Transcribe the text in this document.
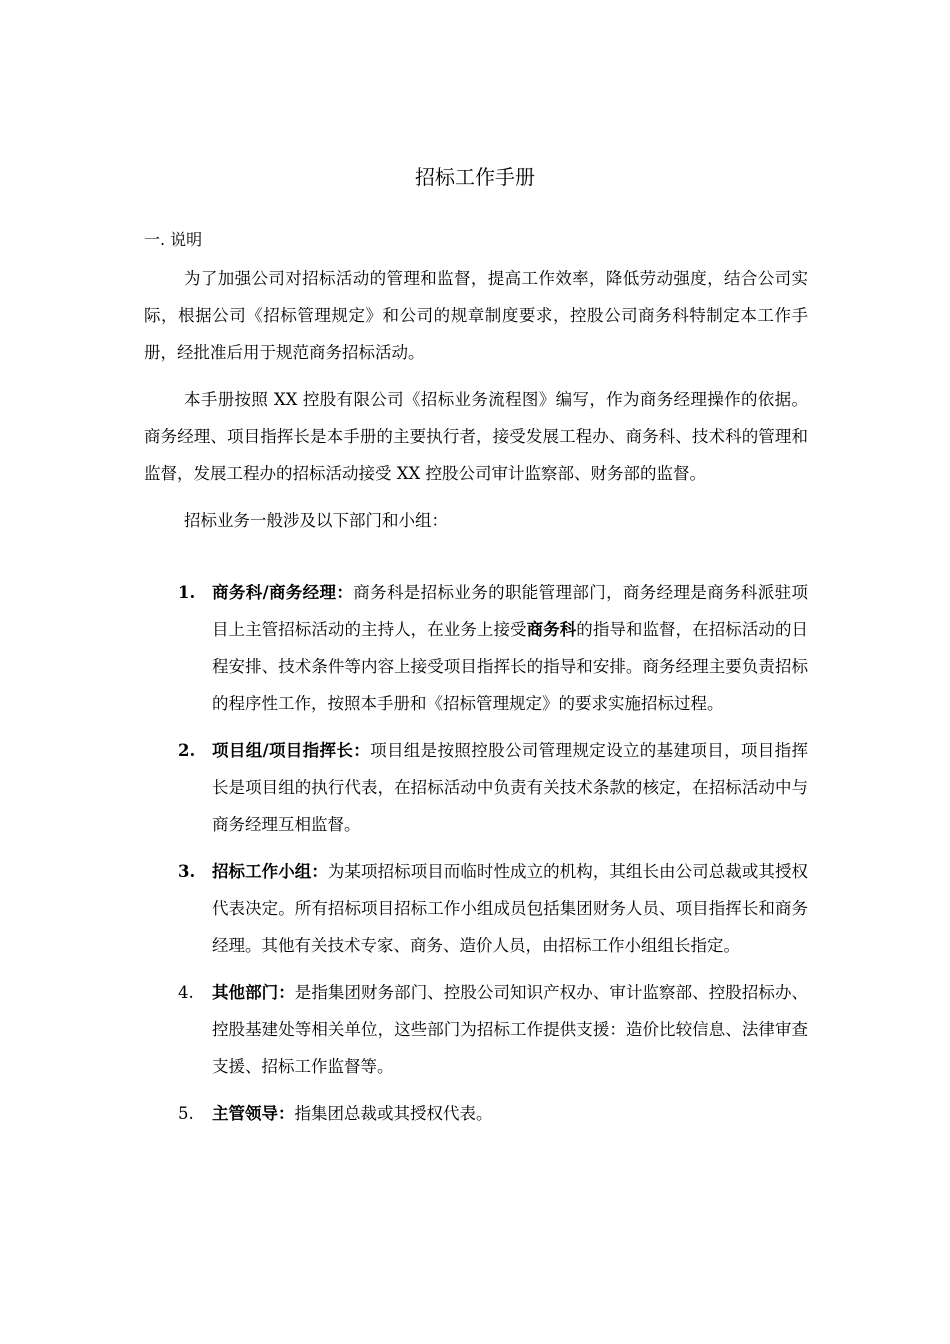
招标工作手册
一. 说明

为了加强公司对招标活动的管理和监督，提高工作效率，降低劳动强度，结合公司实际，根据公司《招标管理规定》和公司的规章制度要求，控股公司商务科特制定本工作手册，经批准后用于规范商务招标活动。

本手册按照 XX 控股有限公司《招标业务流程图》编写，作为商务经理操作的依据。商务经理、项目指挥长是本手册的主要执行者，接受发展工程办、商务科、技术科的管理和监督，发展工程办的招标活动接受 XX 控股公司审计监察部、财务部的监督。

招标业务一般涉及以下部门和小组：

1. 商务科/商务经理：商务科是招标业务的职能管理部门，商务经理是商务科派驻项目上主管招标活动的主持人，在业务上接受商务科的指导和监督，在招标活动的日程安排、技术条件等内容上接受项目指挥长的指导和安排。商务经理主要负责招标的程序性工作，按照本手册和《招标管理规定》的要求实施招标过程。
2. 项目组/项目指挥长：项目组是按照控股公司管理规定设立的基建项目，项目指挥长是项目组的执行代表，在招标活动中负责有关技术条款的核定，在招标活动中与商务经理互相监督。
3. 招标工作小组：为某项招标项目而临时性成立的机构，其组长由公司总裁或其授权代表决定。所有招标项目招标工作小组成员包括集团财务人员、项目指挥长和商务经理。其他有关技术专家、商务、造价人员，由招标工作小组组长指定。
4. 其他部门：是指集团财务部门、控股公司知识产权办、审计监察部、控股招标办、控股基建处等相关单位，这些部门为招标工作提供支援：造价比较信息、法律审查支援、招标工作监督等。
5. 主管领导：指集团总裁或其授权代表。
